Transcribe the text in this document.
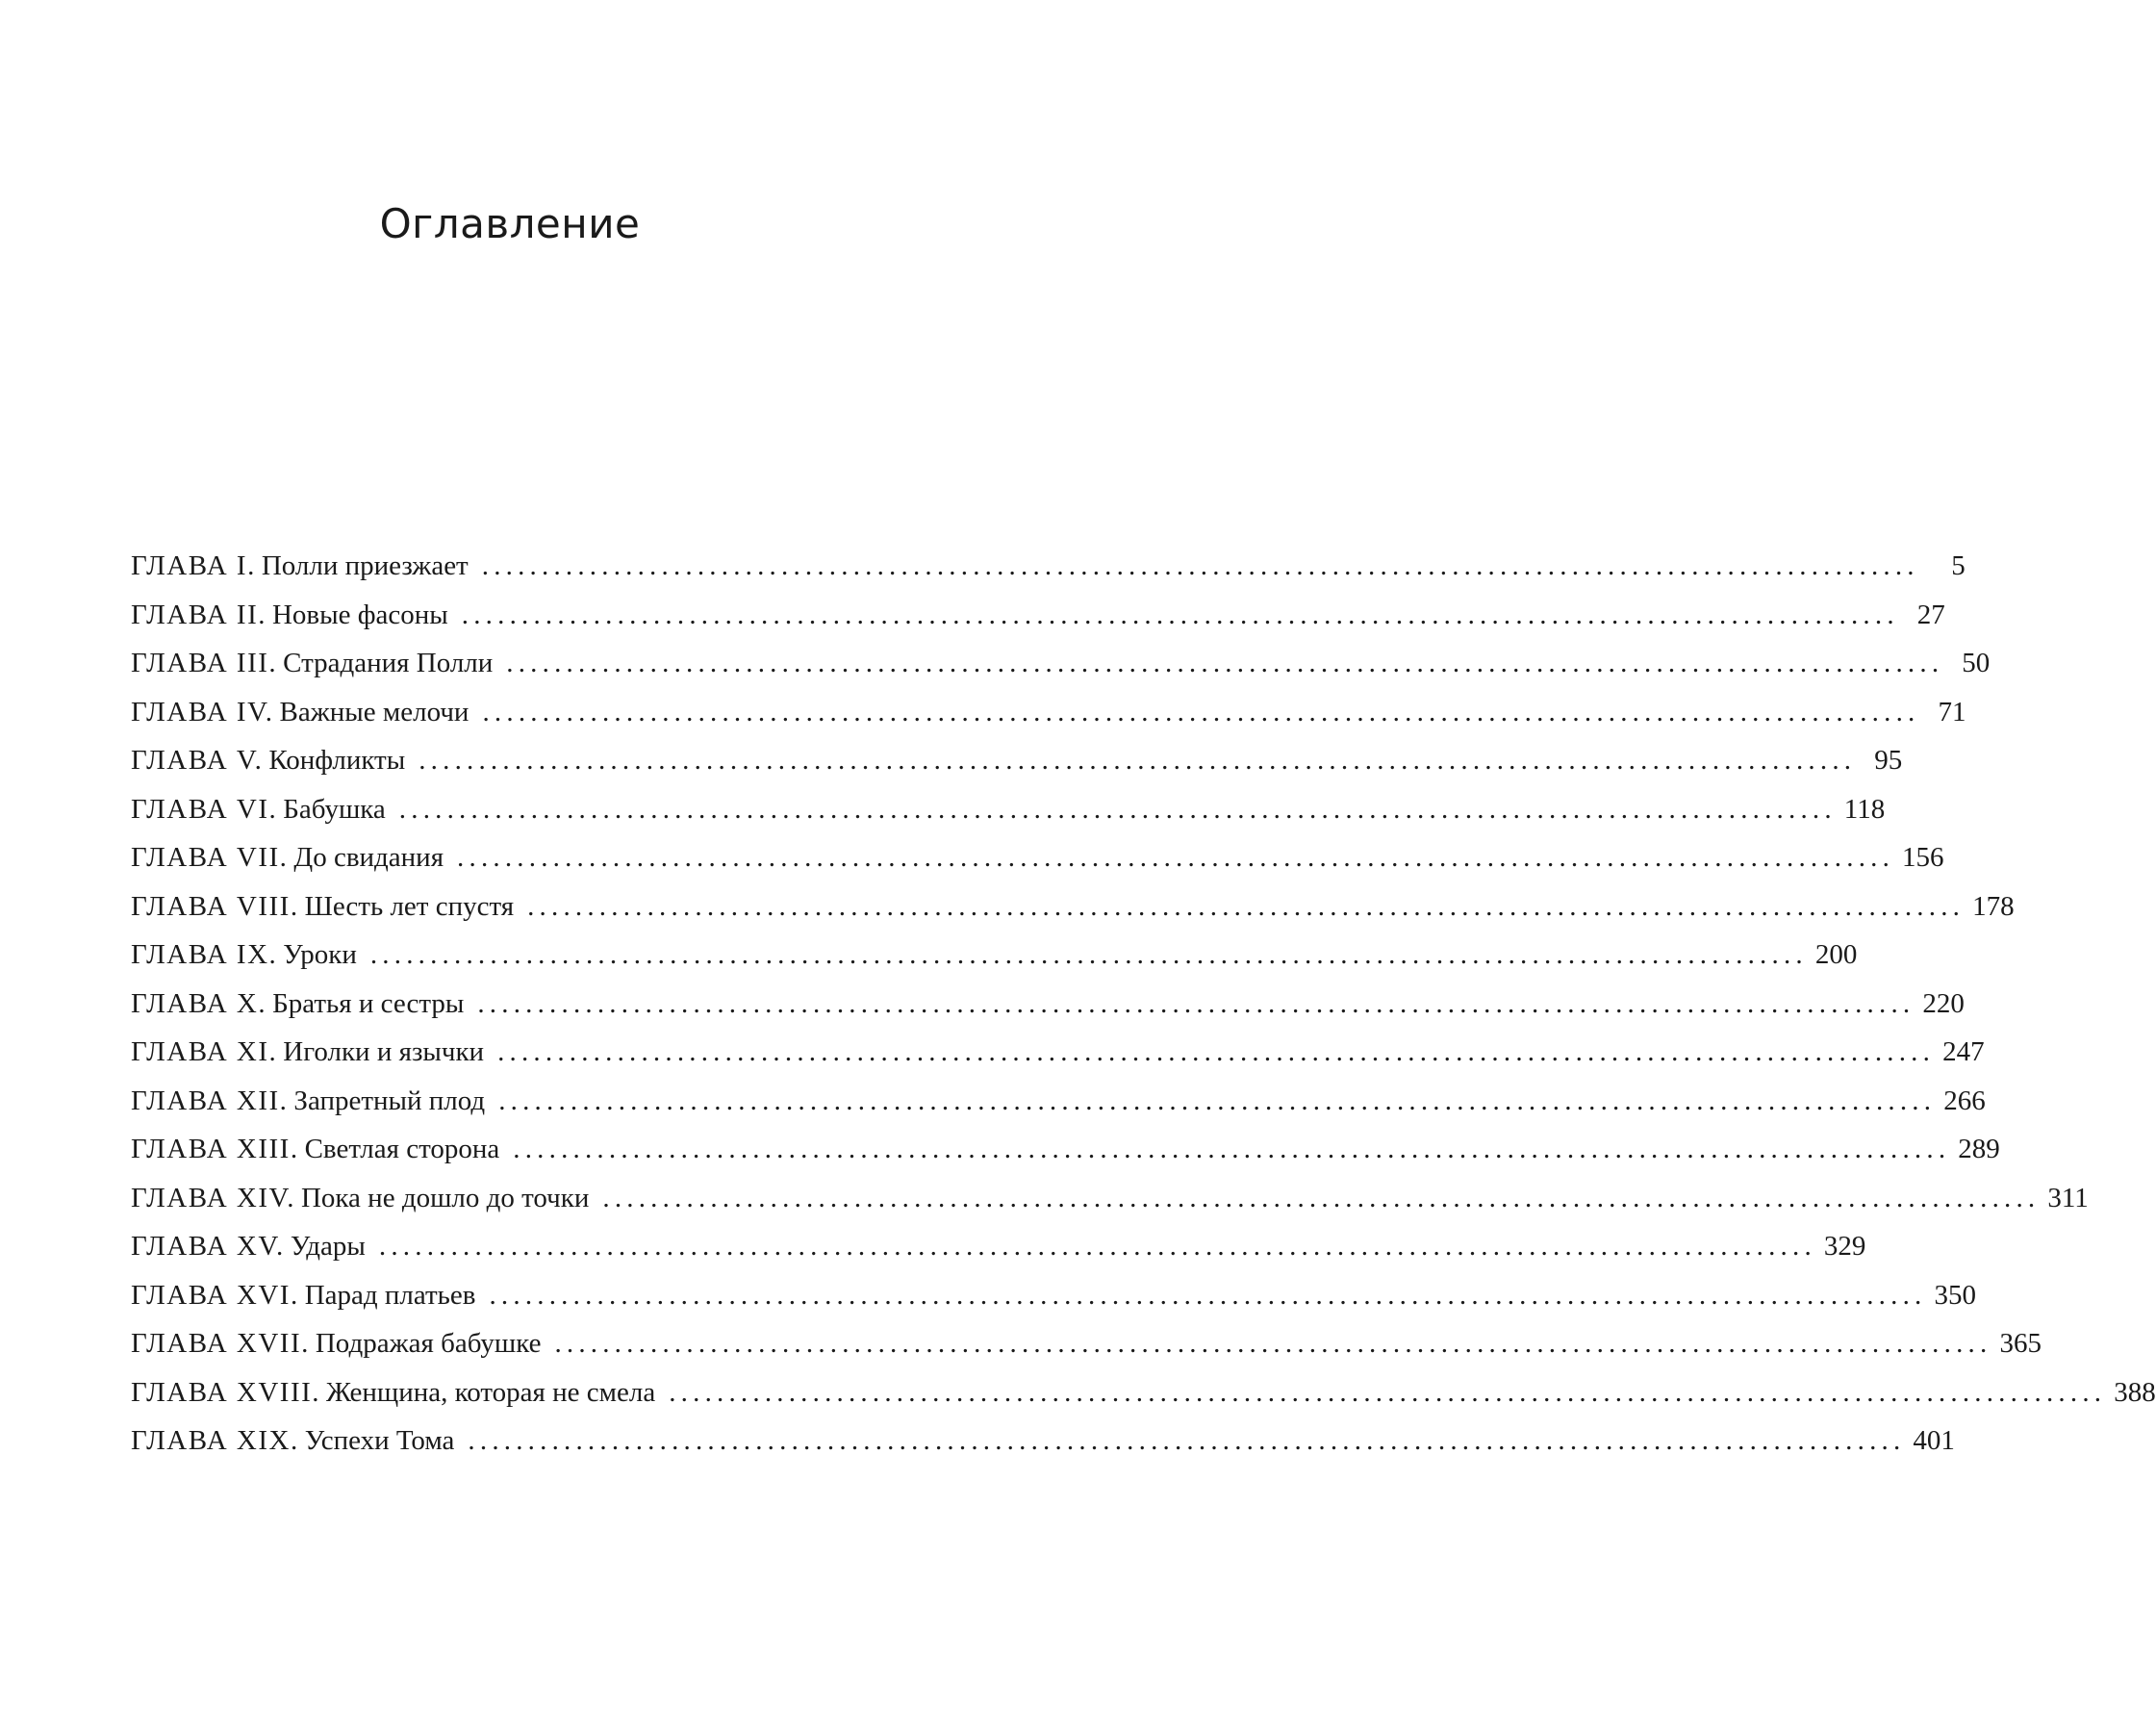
Оглавление
ГЛАВА I. Полли приезжает ........................................................................................................................	5
ГЛАВА II. Новые фасоны ........................................................................................................................ 27
ГЛАВА III. Страдания Полли ........................................................................................................................ 50
ГЛАВА IV. Важные мелочи ........................................................................................................................ 71
ГЛАВА V. Конфликты ........................................................................................................................ 95
ГЛАВА VI. Бабушка ........................................................................................................................ 118
ГЛАВА VII. До свидания ........................................................................................................................ 156
ГЛАВА VIII. Шесть лет спустя ........................................................................................................................ 178
ГЛАВА IX. Уроки ........................................................................................................................ 200
ГЛАВА X. Братья и сестры ........................................................................................................................ 220
ГЛАВА XI. Иголки и язычки ........................................................................................................................ 247
ГЛАВА XII. Запретный плод ........................................................................................................................ 266
ГЛАВА XIII. Светлая сторона ........................................................................................................................ 289
ГЛАВА XIV. Пока не дошло до точки ........................................................................................................................ 311
ГЛАВА XV. Удары ........................................................................................................................ 329
ГЛАВА XVI. Парад платьев ........................................................................................................................ 350
ГЛАВА XVII. Подражая бабушке ........................................................................................................................ 365
ГЛАВА XVIII. Женщина, которая не смела ........................................................................................................................ 388
ГЛАВА XIX. Успехи Тома ........................................................................................................................ 401
